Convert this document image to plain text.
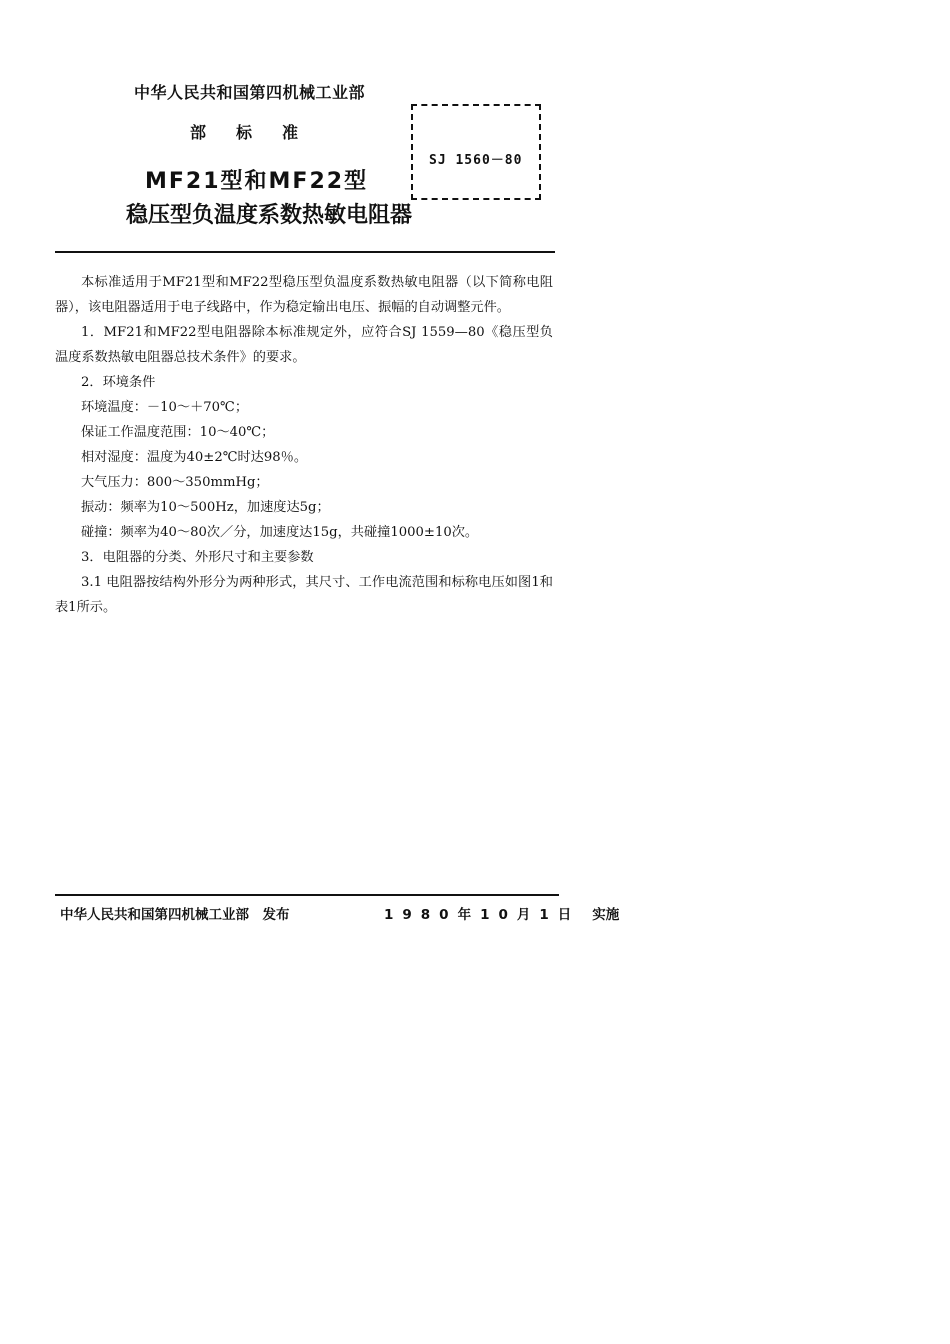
中华人民共和国第四机械工业部
部标准
MF21型和MF22型
稳压型负温度系数热敏电阻器
SJ 1560－80

本标准适用于MF21型和MF22型稳压型负温度系数热敏电阻器（以下简称电阻器），该电阻器适用于电子线路中，作为稳定输出电压、振幅的自动调整元件。

1．MF21和MF22型电阻器除本标准规定外，应符合SJ 1559—80《稳压型负温度系数热敏电阻器总技术条件》的要求。

2．环境条件

环境温度：－10～＋70℃；

保证工作温度范围：10～40℃；

相对湿度：温度为40±2℃时达98％。

大气压力：800～350mmHg；

振动：频率为10～500Hz，加速度达5g；

碰撞：频率为40～80次／分，加速度达15g，共碰撞1000±10次。

3．电阻器的分类、外形尺寸和主要参数

3.1 电阻器按结构外形分为两种形式，其尺寸、工作电流范围和标称电压如图1和表1所示。

中华人民共和国第四机械工业部　发布	1980年10月1日 实施
